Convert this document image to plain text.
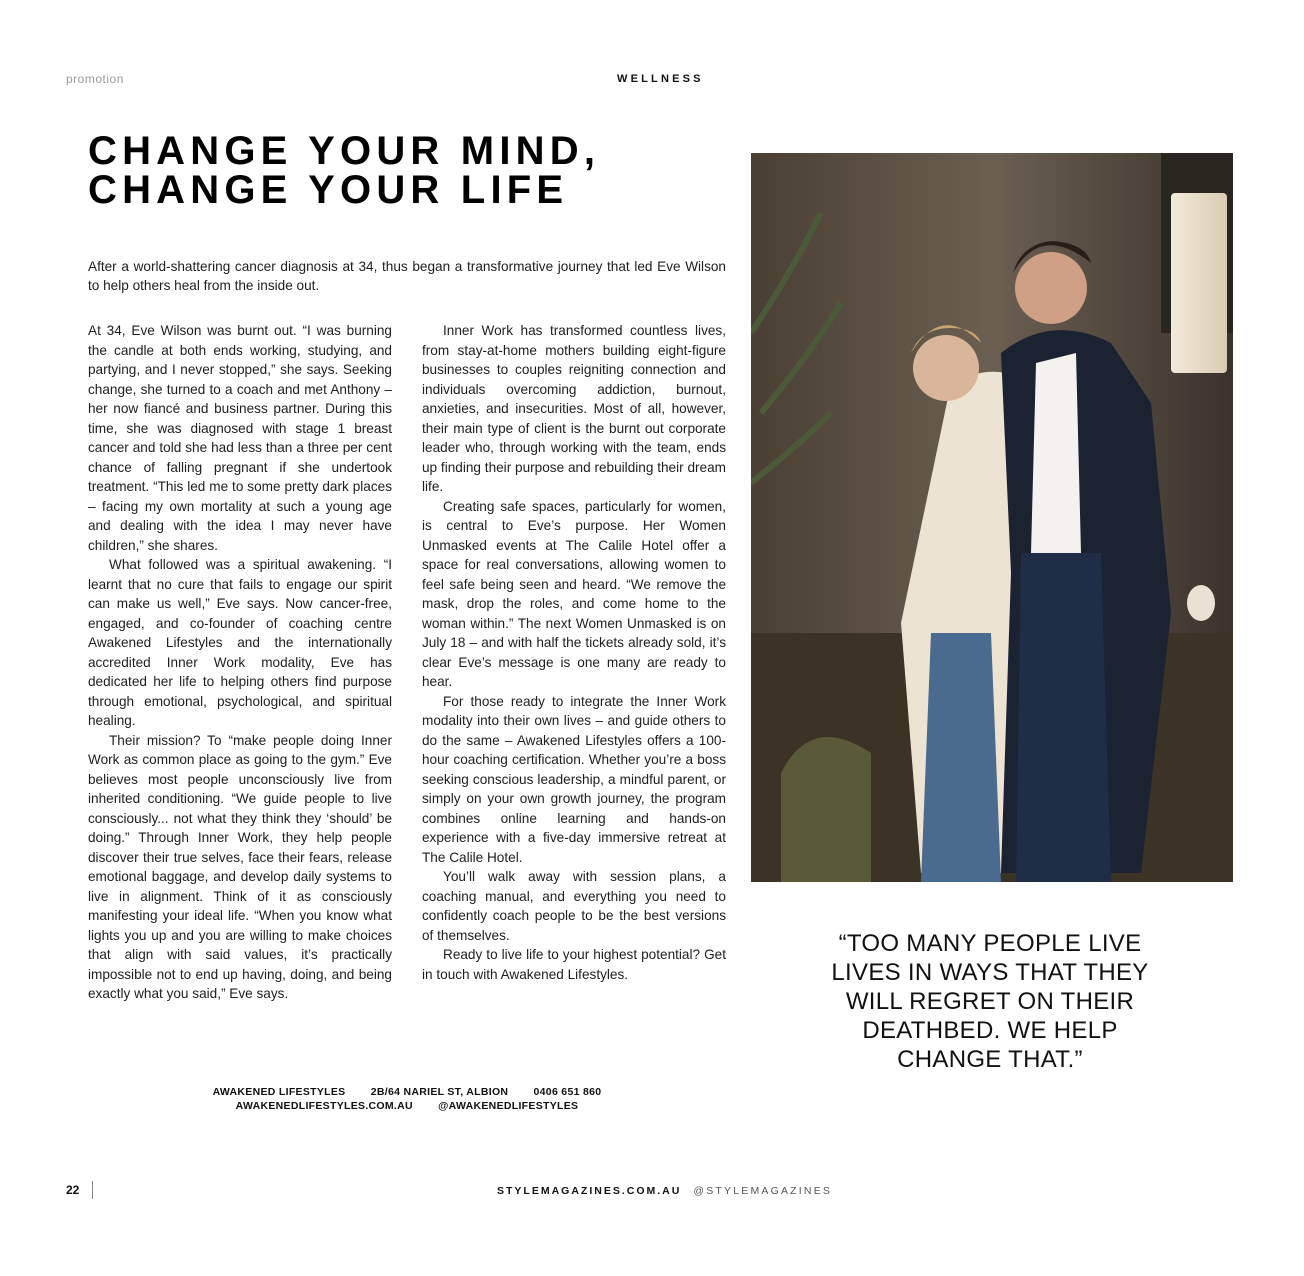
promotion	WELLNESS
CHANGE YOUR MIND,
CHANGE YOUR LIFE

After a world-shattering cancer diagnosis at 34, thus began a transformative journey that led Eve Wilson to help others heal from the inside out.

At 34, Eve Wilson was burnt out. “I was burning the candle at both ends working, studying, and partying, and I never stopped,” she says. Seeking change, she turned to a coach and met Anthony – her now fiancé and business partner. During this time, she was diagnosed with stage 1 breast cancer and told she had less than a three per cent chance of falling pregnant if she undertook treatment. “This led me to some pretty dark places – facing my own mortality at such a young age and dealing with the idea I may never have children,” she shares.

What followed was a spiritual awakening. “I learnt that no cure that fails to engage our spirit can make us well,” Eve says. Now cancer-free, engaged, and co-founder of coaching centre Awakened Lifestyles and the internationally accredited Inner Work modality, Eve has dedicated her life to helping others find purpose through emotional, psychological, and spiritual healing.

Their mission? To “make people doing Inner Work as common place as going to the gym.” Eve believes most people unconsciously live from inherited conditioning. “We guide people to live consciously... not what they think they ‘should’ be doing.” Through Inner Work, they help people discover their true selves, face their fears, release emotional baggage, and develop daily systems to live in alignment. Think of it as consciously manifesting your ideal life. “When you know what lights you up and you are willing to make choices that align with said values, it’s practically impossible not to end up having, doing, and being exactly what you said,” Eve says.

Inner Work has transformed countless lives, from stay-at-home mothers building eight-figure businesses to couples reigniting connection and individuals overcoming addiction, burnout, anxieties, and insecurities. Most of all, however, their main type of client is the burnt out corporate leader who, through working with the team, ends up finding their purpose and rebuilding their dream life.

Creating safe spaces, particularly for women, is central to Eve’s purpose. Her Women Unmasked events at The Calile Hotel offer a space for real conversations, allowing women to feel safe being seen and heard. “We remove the mask, drop the roles, and come home to the woman within.” The next Women Unmasked is on July 18 – and with half the tickets already sold, it’s clear Eve’s message is one many are ready to hear.

For those ready to integrate the Inner Work modality into their own lives – and guide others to do the same – Awakened Lifestyles offers a 100-hour coaching certification. Whether you’re a boss seeking conscious leadership, a mindful parent, or simply on your own growth journey, the program combines online learning and hands-on experience with a five-day immersive retreat at The Calile Hotel.

You’ll walk away with session plans, a coaching manual, and everything you need to confidently coach people to be the best versions of themselves.

Ready to live life to your highest potential? Get in touch with Awakened Lifestyles.

AWAKENED LIFESTYLES 2B/64 NARIEL ST, ALBION 0406 651 860
AWAKENEDLIFESTYLES.COM.AU @AWAKENEDLIFESTYLES
“TOO MANY PEOPLE LIVE LIVES IN WAYS THAT THEY WILL REGRET ON THEIR DEATHBED. WE HELP CHANGE THAT.”
22	STYLEMAGAZINES.COM.AU @STYLEMAGAZINES
